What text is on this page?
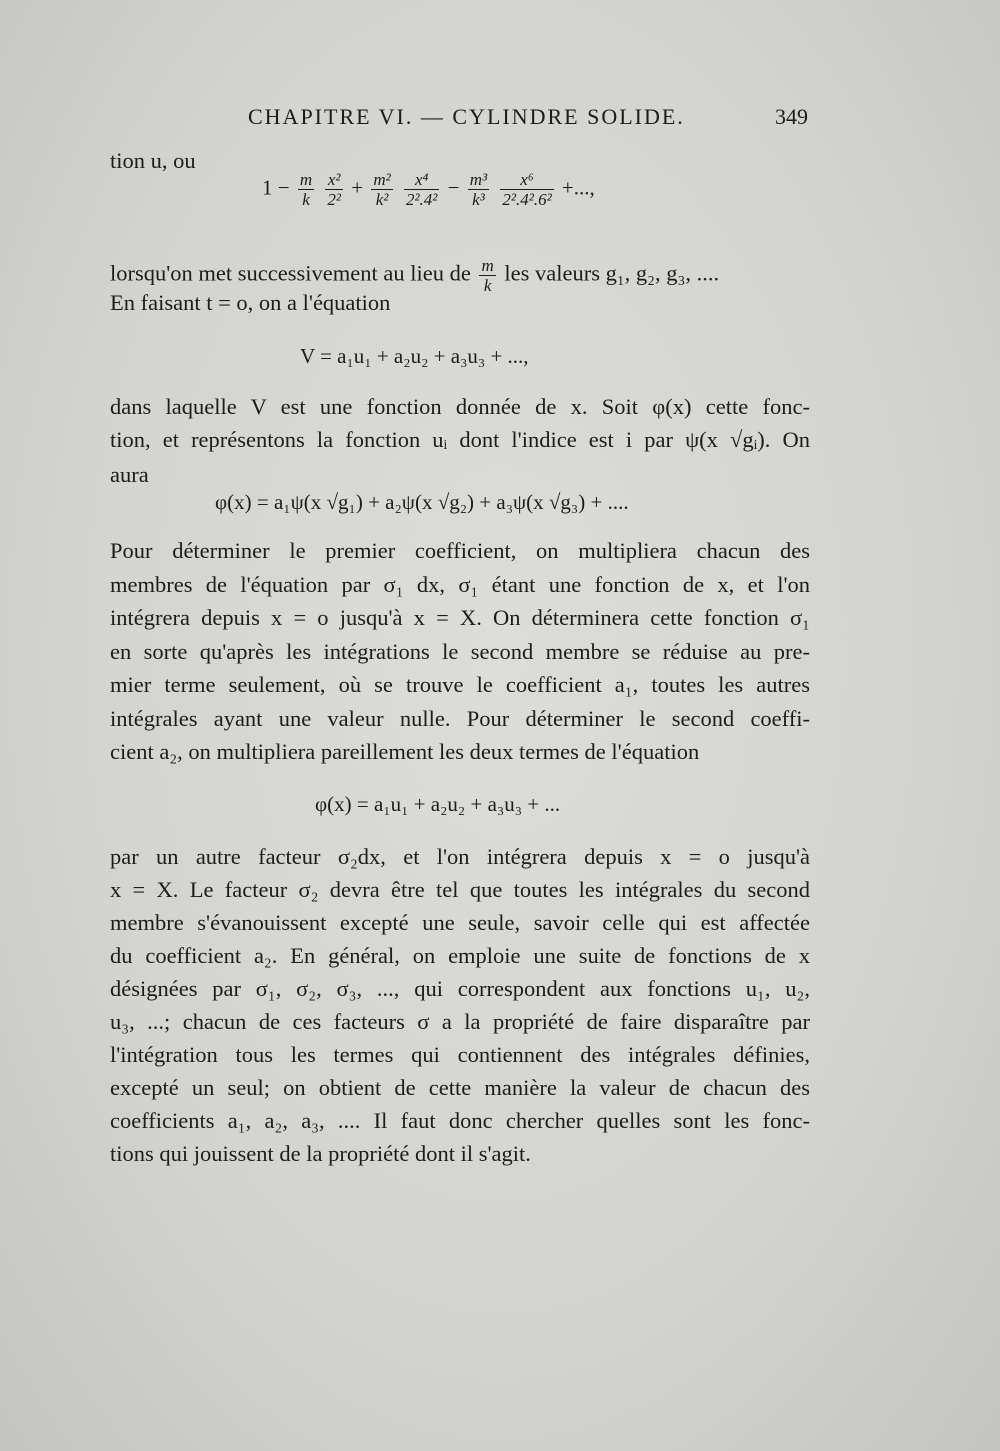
CHAPITRE VI. — CYLINDRE SOLIDE.	349
tion u, ou
$1 - \frac{m}{k}$
$\frac{\text{x²}}{\text{2²}} + \frac{\text{m²}}{\text{k²}}$
$\frac{\text{x⁴}}{\text{2².4²}} - \frac{\text{m³}}{\text{k³}}$
$\frac{\text{x⁶}}{\text{2².4².6²}}$ +...,
lorsqu'on met successivement au lieu de $\frac{m}{k}$ les valeurs g₁, g₂, g₃, ....
En faisant t = o, on a l'équation
V = a₁u₁ + a₂u₂ + a₃u₃ + ...,
dans laquelle V est une fonction donnée de x. Soit φ(x) cette fonc-
tion, et représentons la fonction uᵢ dont l'indice est i par ψ(x √gᵢ). On
aura
φ(x) = a₁ψ(x √g₁) + a₂ψ(x √g₂) + a₃ψ(x √g₃) + ....
Pour déterminer le premier coefficient, on multipliera chacun des
membres de l'équation par σ₁ dx, σ₁ étant une fonction de x, et l'on
intégrera depuis x = o jusqu'à x = X. On déterminera cette fonction σ₁
en sorte qu'après les intégrations le second membre se réduise au pre-
mier terme seulement, où se trouve le coefficient a₁, toutes les autres
intégrales ayant une valeur nulle. Pour déterminer le second coeffi-
cient a₂, on multipliera pareillement les deux termes de l'équation
φ(x) = a₁u₁ + a₂u₂ + a₃u₃ + ...
par un autre facteur σ₂dx, et l'on intégrera depuis x = o jusqu'à
x = X. Le facteur σ₂ devra être tel que toutes les intégrales du second
membre s'évanouissent excepté une seule, savoir celle qui est affectée
du coefficient a₂. En général, on emploie une suite de fonctions de x
désignées par σ₁, σ₂, σ₃, ..., qui correspondent aux fonctions u₁, u₂,
u₃, ...; chacun de ces facteurs σ a la propriété de faire disparaître par
l'intégration tous les termes qui contiennent des intégrales définies,
excepté un seul; on obtient de cette manière la valeur de chacun des
coefficients a₁, a₂, a₃, .... Il faut donc chercher quelles sont les fonc-
tions qui jouissent de la propriété dont il s'agit.
